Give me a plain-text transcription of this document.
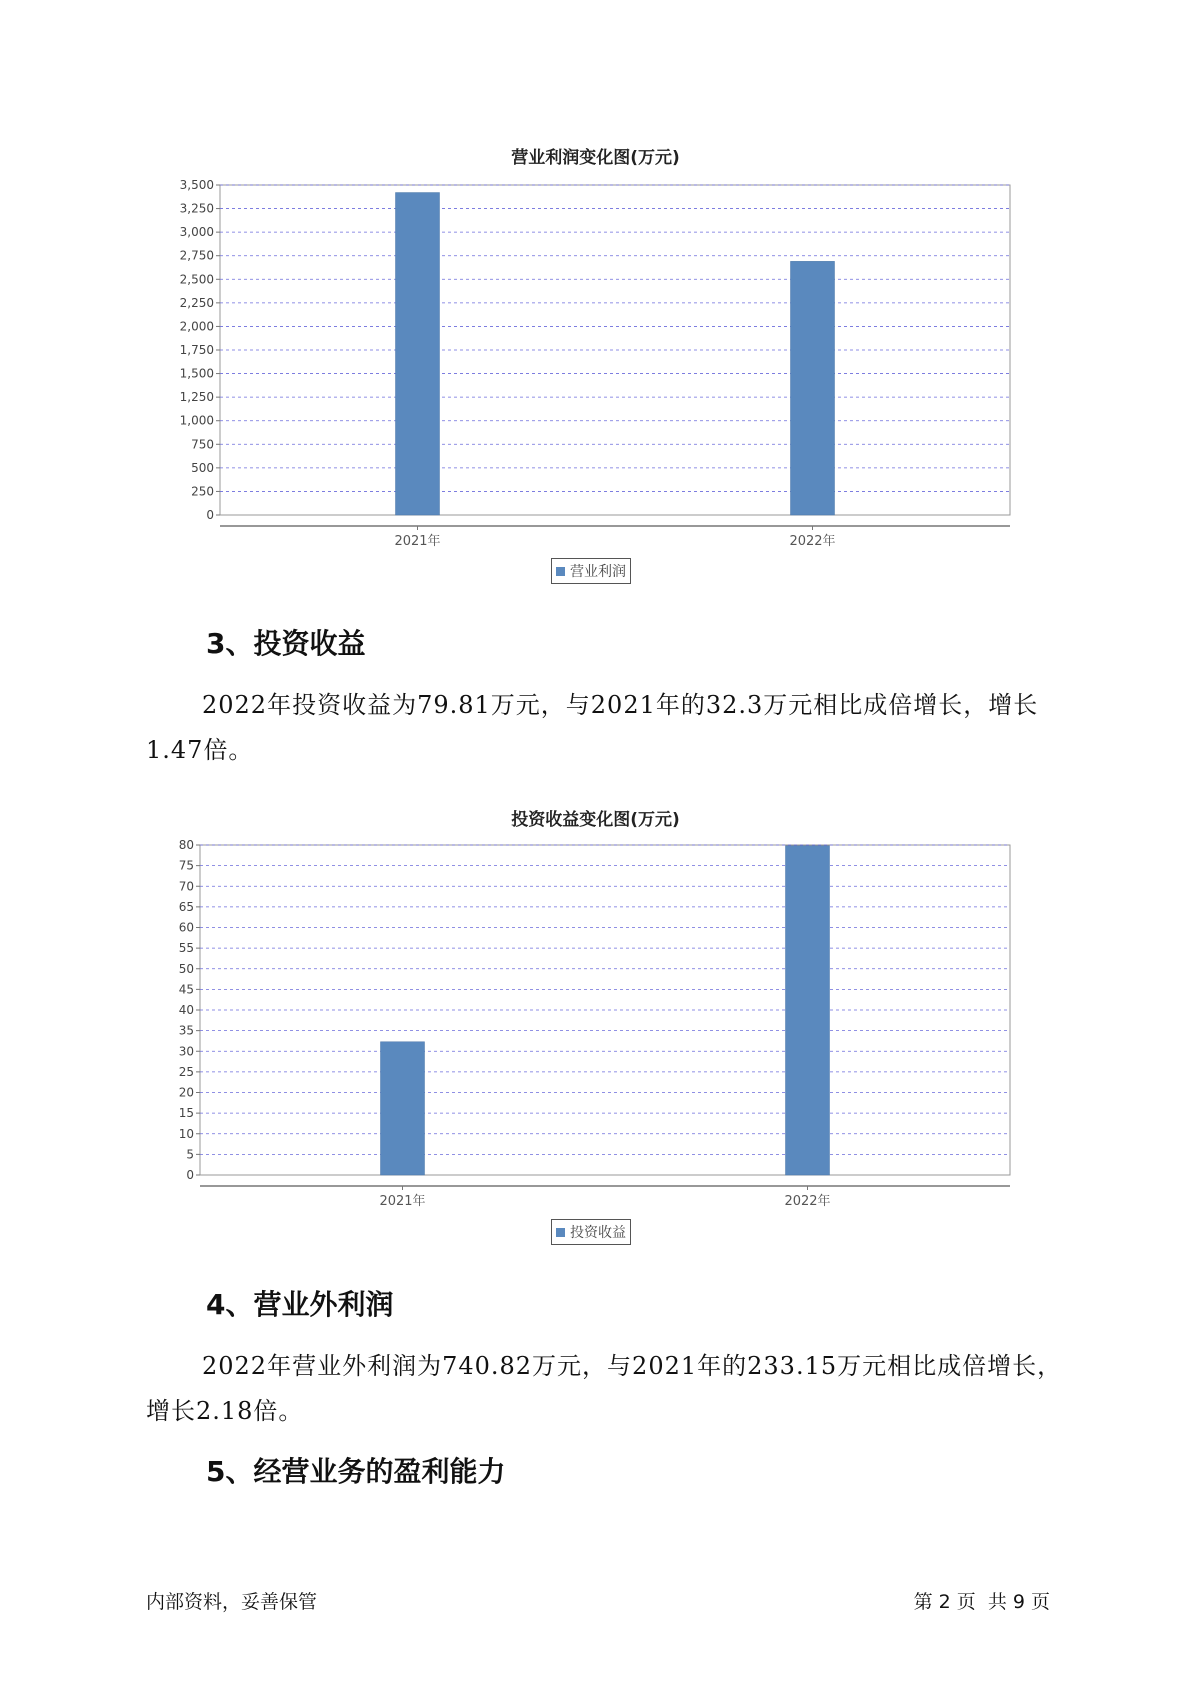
营业利润变化图(万元)
0
250
500
750
1,000
1,250
1,500
1,750
2,000
2,250
2,500
2,750
3,000
3,250
3,500
2021年	2022年
营业利润
3、投资收益
2022年投资收益为79.81万元，与2021年的32.3万元相比成倍增长，增长1.47倍。
投资收益变化图(万元)
0
5
10
15
20
25
30
35
40
45
50
55
60
65
70
75
80
2021年	2022年
投资收益
4、营业外利润
2022年营业外利润为740.82万元，与2021年的233.15万元相比成倍增长，增长2.18倍。
5、经营业务的盈利能力
内部资料，妥善保管	第 2 页  共 9 页
